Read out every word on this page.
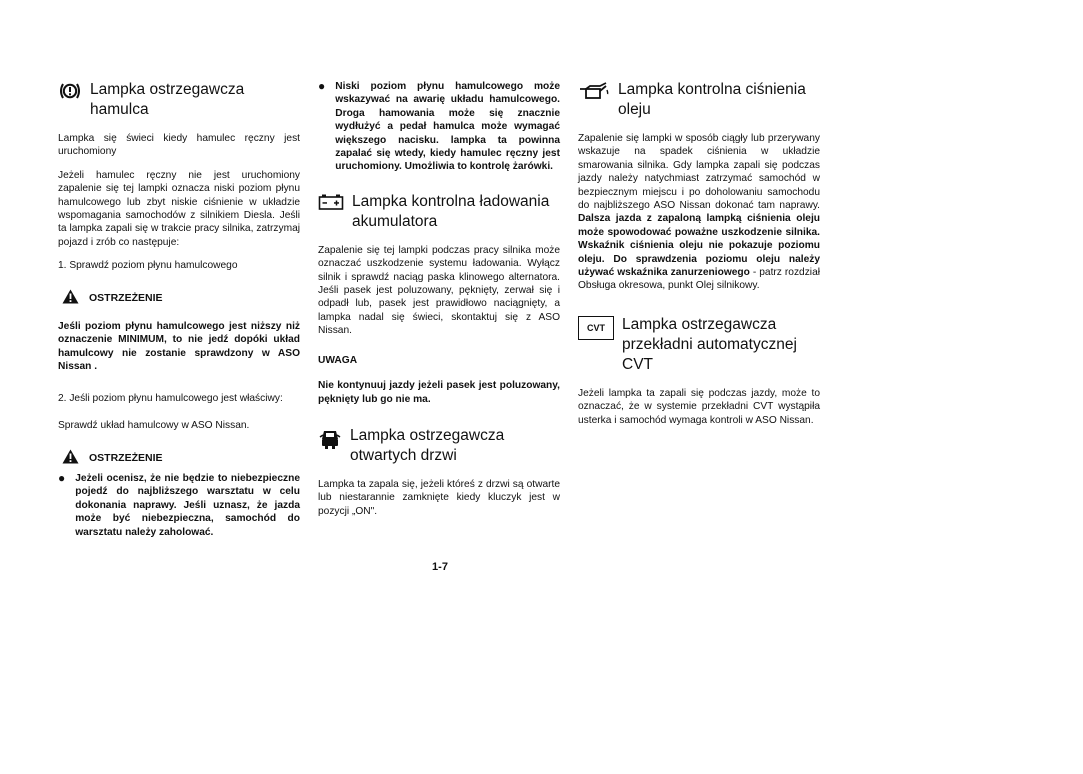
Lampka ostrzegawcza hamulca

Lampka się świeci kiedy hamulec ręczny jest uruchomiony

Jeżeli hamulec ręczny nie jest uruchomiony zapalenie się tej lampki oznacza niski poziom płynu hamulcowego lub zbyt niskie ciśnienie w układzie wspomagania samochodów z silnikiem Diesla. Jeśli ta lampka zapali się w trakcie pracy silnika, zatrzymaj pojazd i zrób co następuje:

1. Sprawdź poziom płynu hamulcowego

OSTRZEŻENIE

Jeśli poziom płynu hamulcowego jest niższy niż oznaczenie MINIMUM, to nie jedź dopóki układ hamulcowy nie zostanie sprawdzony w ASO Nissan .

2. Jeśli poziom płynu hamulcowego jest właściwy:

Sprawdź układ hamulcowy w ASO Nissan.

OSTRZEŻENIE
● Jeżeli ocenisz, że nie będzie to niebezpieczne pojedź do najbliższego warsztatu w celu dokonania naprawy. Jeśli uznasz, że jazda może być niebezpieczna, samochód do warsztatu należy zaholować.
● Niski poziom płynu hamulcowego może wskazywać na awarię układu hamulcowego. Droga hamowania może się znacznie wydłużyć a pedał hamulca może wymagać większego nacisku. lampka ta powinna zapalać się wtedy, kiedy hamulec ręczny jest uruchomiony. Umożliwia to kontrolę żarówki.
Lampka kontrolna ładowania akumulatora

Zapalenie się tej lampki podczas pracy silnika może oznaczać uszkodzenie systemu ładowania. Wyłącz silnik i sprawdź naciąg paska klinowego alternatora. Jeśli pasek jest poluzowany, pęknięty, zerwał się i odpadł lub, pasek jest prawidłowo naciągnięty, a lampka nadal się świeci, skontaktuj się z ASO Nissan.

UWAGA

Nie kontynuuj jazdy jeżeli pasek jest poluzowany, pęknięty lub go nie ma.

Lampka ostrzegawcza otwartych drzwi

Lampka ta zapala się, jeżeli któreś z drzwi są otwarte lub niestarannie zamknięte kiedy kluczyk jest w pozycji „ON".

Lampka kontrolna ciśnienia oleju

Zapalenie się lampki w sposób ciągły lub przerywany wskazuje na spadek ciśnienia w układzie smarowania silnika. Gdy lampka zapali się podczas jazdy należy natychmiast zatrzymać samochód w bezpiecznym miejscu i po doholowaniu samochodu do najbliższego ASO Nissan dokonać tam naprawy. Dalsza jazda z zapaloną lampką ciśnienia oleju może spowodować poważne uszkodzenie silnika. Wskaźnik ciśnienia oleju nie pokazuje poziomu oleju. Do sprawdzenia poziomu oleju należy używać wskaźnika zanurzeniowego - patrz rozdział Obsługa okresowa, punkt Olej silnikowy.

CVT	Lampka ostrzegawcza przekładni automatycznej CVT

Jeżeli lampka ta zapali się podczas jazdy, może to oznaczać, że w systemie przekładni CVT wystąpiła usterka i samochód wymaga kontroli w ASO Nissan.

1-7
